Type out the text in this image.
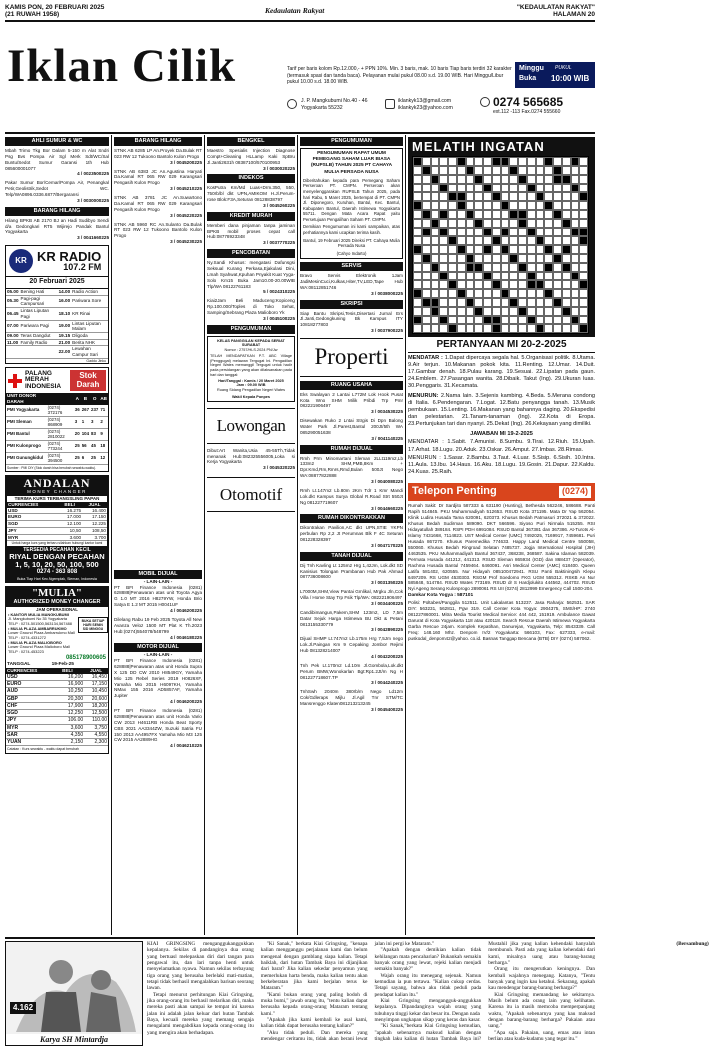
KAMIS PON, 20 FEBRUARI 2025
(21 RUWAH 1958)	Kedaulatan Rakyat	"KEDAULATAN RAKYAT"
HALAMAN 20
Iklan Cilik	Tarif per baris kolom Rp.12.000,- + PPN 10%. Min. 3 baris, mak. 10 baris Tiap baris terdiri 32 karakter (termasuk spasi dan tanda baca). Pelayanan mulai pukul 08.00 s.d. 19.00 WIB. Hari Minggu/Libur pukul 10.00 s.d. 18.00 WIB.
Minggu
Buka
PUKUL
10:00 WIB
J. P. Mangkubumi No.40 - 46
Yogyakarta 55232
iklankyk13@gmail.com
iklankyk23@yahoo.com	0274 565685
ext.112 -113 Fax.0274 555660
AHLI SUMUR & WC
Mbah Trimo Tkg Bor Dalam 5-150 m Alat Sndri Psg Bvs Pompa Air Sgl Merk Sdt/WC/Sal Buntu/Sedot Sumur Garansi 1th Hub 085600001077
4 / 0023500225
Pakar Sumur Bor/Cemar/Pompa Air, Penangkal Petir,Geolistrik,Sedot WC. Telp/WA0896.0336.6877/Bergaransi
3 / 0030000225
BARANG HILANG
Hilang BPKB AB 2170 BJ an Hadi Sudibyo Sendi d/a Gedongkari RT5 Wijirejo Pandak Bantul Yogyakarta
3 / 0041660225
KR KR RADIO
107.2 FM
20 Februari 2025
05.00	Bening Hati	14.00	Radio Action
05.30	Pagi-pagi Campursari	16.00	Pariwara Sore
06.45	Lintas Liputan Pagi	18.10	KR Rinai
07.00	Pariwara Pagi	19.00	Lintas Liputan Malam
09.00	Teras Dangdut	19.15	Dligoda
11.00	Family Radio	21.00	Berita NHK
		22.00	Lewahan Campur Sari
Gaddu Jinku
PALANG
MERAH
INDONESIA
Stok Darah
UNIT DONOR DARAH		A	B	O	AB
PMI Yogyakarta	(0274) 372176	36	267	237	71
PMI Sleman	(0274) 868909	3	1	3	2
PMI Bantul	(0274) 2810022	20	104	83	9
PMI Kulonprogo	(0274) 773244	25	56	45	18
PMI Gunungkidul	(0274) 394500	25	6	25	12
Sumber : PMI DIY (Stok darah bisa berubah sewaktu-waktu).
ANDALAN
MONEY CHANGER
TERIMA KURS TERBANGSLING PAPAN
CURRENCIES	BELI	JUAL
USD	16.275	16.400
EURO	17.000	17.150
SGD	12.100	12.225
JPY	10,50	108,50
MYR	3.600	3.700
Untuk harga kurs yang terbaru silahkan hubungi kantor kami
TERSEDIA PECAHAN KECIL
RIYAL DENGAN PECAHAN
1, 5, 10, 20, 50, 100, 500
0274 - 363 808
Buka Tiap Hari Kec.Ngemplak, Sleman, Indonesia
"MULIA"
AUTHORIZED MONEY CHANGER
JAM OPERASIONAL
• KANTOR MULIA MANGKUBUMI
Jl. Mangkubumi No 35 Yogyakarta
TELP : 0274-501500,563134,567488
• MULIA PLAZA AMBARRUKMO
Lower Ground Plaza Ambarrukmo Mall
TELP : 0274-4331272
• MULIA PLAZA MALIOBORO
Lower Ground Plaza Malioboro Mall
TELP : 0274-453223
BUKA SETIAP HARI SENIN S/D MINGGU
085178900605
TANGGAL	19-Feb-25	
CURRENCIES	BELI	JUAL
USD	16,200	16,450
EURO	16,900	17,150
AUD	10,250	10,450
GBP	20,300	20,600
CHF	17,900	18,200
SGD	12,250	12,500
JPY	106.00	110.00
MYR	3,600	3,750
SAR	4,350	4,550
YUAN	2,150	2,300
Catatan : Kurs sewaktu - waktu dapat berubah
BARANG HILANG
STNK AB 6285 LP An.Proyek Da.Bulak RT 023 RW 12 Tukoono Bantolo Kulon Progo
3 / 0045200225
STNK AB 6383 JC An.Agustina Haryati Da.Kamal RT 065 RW 029 Karangsari Pengasih Kulon Progo
3 / 0045210225
STNK AB 3781 JC An.Suwartono Da.Kamal RT 065 RW 029 Karangsari Pengasih Kulon Progo
3 / 0045220225
STNK AB 5960 RC An.Sulanto Da.Bulak RT 023 RW 12 Tukoono Bantolo Kulon Progo
3 / 0045230225
MOBIL DIJUAL
- LAIN-LAIN -
PT BFI Finance Indonesia (0281) 628888|Penawaran atas unit Toyota Agya G 1.0 MT 2016 H8279YW, Honda Brio Satya E 1.2 MT 2015 H0041UF
4 / 0046200225
Dilelang Rabu 19 Feb 2025 Toyota All New Avanza Veloz 1500 MT Plat K Th.2023 Hub:(0274)554078/548799
4 / 0046180225
MOTOR DIJUAL
- LAIN-LAIN -
PT BFI Finance Indonesia (0281) 628888|Penawaran atas unit Honda Supra X 125 DD CW 2010 H8549GY, Yamaha Mio 125 Rebel Series 2019 H0826XF, Yamaha Mio 2015 H6097KH, Yamaha NMax 155 2016 AD5857AF, Yamaha Jupiter
4 / 0046200225
PT BFI Finance Indonesia (0281) 628888|Penawaran atas unit Honda Vario CW 2013 H4611RB Honda Beat Sporty CBS 2021 AA3344ZW, Suzuki Satria FU 150 2013 AA4957FX Yamaha Mio M3 125 CW 2015 AA2889HG
4 / 0046210225
BENGKEL
Maestro Spesialis Injection Diagnose Compt+Cleaning HLLamp Kaki SpBru Jl.Janti2631h 08387100/570100953
3 / 0030020225
INDEKOS
KosPutra Km/Md Luas+Drm.350, 550, 750rb/bl dkt UPN,AMIKOM H.Jl.Perum-rose Blok:F3A,Seturan 08128838797
3 / 0045260225
KREDIT MURAH
Memberi dana pinjaman tanpa jaminan BPKB mobil proses cepat call Hub:08778923348
3 / 0037770225
PENCOBATAN
Ny.Sandi Khusus: mengatasi Dafunsgsi Seksual Kurang Perkasa,Ejakulasi Dini, Lmah Syahwat,Kpuhan Pnyakit Kuat Yyga-Solo Km15 Buka Jam10.00-20.00WIB Tlp/WA 08122761183
5 / 0024310225
Kiai2Jam Beli Maduceng:Kopiceng Rp.100.000/Toples di Toko Sehat, Samping/Sebrang Plaza Malioboro Yk
3 / 0045100225
PENGUMUMAN
KELAS PANGGILAN KEPADA SERIAT SURABAT
Nomor : 2757/HLS.2024 PN/Jw
TELAH MENDAPATKAN P.T. ABC Village (Penggugat) melawan Tergugat Ini. Pengadilan Negeri Wates memanggil Tergugat untuk hadir pada persidangan yang akan dilaksanakan pada hari dan tanggal:
Hari/Tanggal : Kamis / 20 Maret 2025
Jam : 09.00 WIB
Ruang Sidang Pengadilan Negeri Wates
Wakil Kepala Ponpes
Lowongan
Dibut:Art Wanita,Usia 45-55Th,Tidak menanak Hub:082325556005,Loka si Kerja Yogyakarta
3 / 0045320225
Otomotif
PENGUMUMAN
PENGUMUMAN RAPAT UMUM PEMEGANG SAHAM LUAR BIASA (RUPSLB) TAHUN 2025 PT CAHAYA MULIA PERSADA NUSA
Diberitahukan kepada para Pemegang Saham Perseroan PT. CMPN. Perseroan akan menyelenggarakan RUPSLB Tahun 2025, pada hari Rabu, 5 Maret 2025, bertempat di PT. CMPN Jl. Diponegoro, Kuruhan, Bantul, Kec. Bantul, Kabupaten Bantul, Daerah Istimewa Yogyakarta 55711. Dengan Mata Acara Rapat yaitu Persetujuan Pengalihan Saham PT. CMPN.
Demikian Pengumuman ini kami sampaikan, atas perhatiannya kami ucapkan terima kasih.
Bantul, 19 Februari 2025 Direksi PT. Cahaya Mulia Persada Nusa
(Cahyo Indarto)
SERVIS
Bravo Servis Elektronik 1Jam JadiMesinCuci,Kulkas,Hiter,TV,LED,Tape Hub WA:08112851746
3 / 0038000225
SKRIPSI
Siap Bantu Skripsi,Tesis,Disertasi Jurnal Ers Jl.Janti,Gedongkuning Bk Kampus ITY 10818277803
3 / 0037900225
Properti
RUANG USAHA
Eks Swalayan 2 Lantai L772M Lok Hook Pusat Kota Wno SHM Milik Pribdi Trp Pmr 082221906497
3 / 0034530225
Disewakan Ruko 2 Lntai Strgis Di Dpn Balong Water Park Jl.Parest,Bantul 200Jt/5th WA 085290051638
3 / 0041140225
RUMAH DIJUAL
Rmh Prm Minomartani Sleman 2LLt119m2,Lb 133m2 SHM,PMB,8Km + Dpr.Kmd,Rm,Rmrs,Rmd,Bulan 500Jt Nego WA:08877822888
3 / 0040080225
Rmh Lt.147m2 Lb.80m 2Km Tdr 1 Kmr Mandi Lok.dkt Kampus Surya Global R.Road Strt 550Jt Ng 081227719607
3 / 0044660225
RUMAH DIKONTRAKKAN
Dikontrakan Pavilion,AC dkt UPN,STIE YKPN perbulan Rp 2,2 Jt Perumnas Blk F 4C Seturan 081228328397
3 / 0047170225
TANAH DIJUAL
Dij Tnh Kavling Lt 125m2 Hrg 1,42Jm, Lok.dkt SD Kanisius Tolongan Prambanan Hub Pak Ahmad 087736008600
3 / 0031350225
L7000M,SHM,View Pantai Gmlikal, Mrgku Jln,Cok Villa / Home Stay Trp Fsik Tlp/WA: 082221906497
3 / 0034400225
Candibimangun,Pakem,SHM 123m2, LD 7,5m Datar Sejuk Harga Istimewa BU Dkt & Petani 0813155330779
3 / 0042890225
Dijual SHMP Lt.747m2 Lb.175m Hrg 7,5Jm nego Lok.Jl.Paingan Km 9 Cepaking Jombor Rejimi Hub 081328214007
4 / 0042200225
Tnh Pek Lt.170m2 Ld.10m Jl.Gombola,Lok.dkt Perum BMW,Wonokarlan Bgt:Rp1.2Jt/m Ng H 081227718607.TP
3 / 0044240225
TnhSwh 2040m 380rb/m Nego Ld12m Cok/Gdleraps Mijlu Jl.Agil Tnr STM/TC Mansrenggo Klaten081213213245
3 / 0045400225
MELATIH INGATAN
1	2	3
4
5	6	7	8	9	10
11
12	13	14	15	16
17	18	19	20
21
22	23	24	25	26	27
PERTANYAAN MI 20-2-2025
MENDATAR : 1.Dapat dipercaya segala hal. 5.Organisasi politik. 8.Utama. 9.Air terjun. 10.Makanan pokok kita. 11.Renting. 12.Umar. 14.Duit. 17.Gambar denah. 18.Pulau karang. 19.Sesuai. 22.Lipatan pada gaun. 24.Emblem. 27.Pasangan wanita. 28.Dibaik. Takut (Ing). 29.Ukuran luas. 30.Penggaris. 31.Kecamata.
MENURUN: 2.Nama lain. 3.Sejenis kambing. 4.Beda. 5.Merana condong di Italia. 6.Pendengaran. 7.Logat. 12.Batu penyangga tanah. 13.Musik pembukaan. 15.Lenting. 16.Makanan yang bahannya daging. 20.Ekspedisi dan pelestarian. 21.Tanam-tanaman (Ing). 22.Kota di Eropa. 23.Pertunjukan tari dan nyanyi. 25.Dekat (Ing). 26.Kekayaan yang dimiliki.
JAWABAN MI 19-2-2025
MENDATAR : 1.Sabit. 7.Amunisi. 8.Sumbu. 9.Tirai. 12.Riuh. 15.Upah. 17.Arhat. 18.Lugu. 20.Aduk. 23.Oskar. 26.Amput. 27.Imbas. 28.Rimas.
MENURUN : 1.Sasar. 2.Bambu. 3.Taut. 4.Luar. 5.Sisip. 6.Sisih. 10.Intra. 11.Aula. 13.Ibu. 14.Haus. 16.Aku. 18.Lugu. 19.Gosin. 21.Dapur. 22.Kaldu. 24.Kuas. 25.Raih.
Telepon Penting	(0274)
Rumah Sakit: Dr Sardjito 587333 & 631190 (Hunting), Bethesda 562246, 586688. Panti Rapih 514845. PKU Muhammadiyah 512653. RSUD Kota 371195. Mata Dr Yap 562054. Klinik Ludira Husada Tama 620091, 620373. Khusus Bedah Patmasuri 372021 & 372022. Khusus Bedah Sudirman 589090. DKT 566596. Siyoso Puri Nirmala 515255. RSI Hidayatullah 389184. RSPI PDH 6991084. RSUD Bantul 367381 dan 367386. At-Turots Al-Islamy 7431668, 7114823. UST Medical Center (UMC) 7492025, 7169917, 7459681. Puri Husada 867270. Khusus Paremedika 774633. Happy Land Medical Centre 550058, 550060. Khusus Bedah Ringroad Selatan 7485737. Jogja International Hospital (JIH) 4463535. PKU Muhammadiyah Bantul 367437, 368238, 368587. Sakina Idaman 582039. Permata Husada 441212, 441313. RSUD Sleman 865934 (IGD) dan 868437 (Operator), Rachma Husada Bantul 7459464. 6460091. Asri Medical Center (AMC) 618400. Queen Latifa 581402, 620555. Nur Hidayah 085100472941. RSU Panti Baktiningsih Klepu 6497209. RS UGM 4530303. RSGM Prof Soedomo FKG UGM 555312. RSKB An Nur 585848, 514784. RSUD Wates 773169. RSUD dr S Hardjolukito 444562, 444702. RSUD Nyi Ageng Serang Kulonprogo 2890061 RS UII (0274) 2812999 Emergency Call 1500-204.
Damkar Kota Yogya : 587101
Polisi: Poltabes/Panggila 512511. Unit Lakalantas 513237. Jasa Raharja: 562531. SAR DIY: 563231, 562811, Pgw 319. Call Center Kota Yogya: 2904375, SMS/HP: 2740 081227860001. Mitra Media Tourist Medical Service: 444 442, 151919. Ambulance Gawat Darurat di Kota Yogyakarta 118 atau 420118. Search Rescue Daerah Istimewa Yogyakarta Garba Rescue 24jam. Komplek Kepatihan, Danurejan, Yogyakarta, Telp: 8543339. Call Freq: 148.160 Mhz. Denpom IV/2 Yogyakarta: 566103, Fax: 627333, e-mail: puskodal_denpom42@yahoo. co.id. Basnas Tanggap Bencana (BTB) DIY (0274) 587062.
4.162
Karya SH Mintardja

KIAI GRINGSING menganggukanggukkan kepalanya. Sekilas di pandanginya dua orang yang bertuasl melepaskan diri dari tangan para pengawal itu, dan lari tanpa henti untuk menyelamatkan nyawa. Namun sekilas terbayang tiga orang yang berusaha berlelaki mati-matian, tetapi tidak berhasil mengalahkan barisan seorang lawan.

Tetapi menurut perhitungan Kiai Gringsing, jika orang-orang itu berhasil melarikan diri, maka mereka pasti akan sampai ke tempat ini karena jalan ini adalah jalan keluar dari hutan Tambak Baya, kecuali mereka yang memang sengaja mengalami mengabdikan kepada orang-orang itu yang mengira akan berhadapan.

"Ki Sanak," berkata Kiai Gringsing, "kenapa kalian mengganggu perjalanan kami dan belum mengenal dengan gamblang siapa kalian. Tetapi baiklah, dari hutan Tambak Baya ini dijanjikan dari barat? Jika kalian sekedar penyamun yang memerlukan harta benda, maka kalian tentu akan berkeberatan jika kami berjalan terus ke Mataram."

"Kami bukan orang yang paling bodoh di muka bumi," jawab orang itu, "tentu kalian dapat berusaha kepada orang-orang Mataram tentang kami."

"Apakah jika kami kembali ke asal kami, kalian tidak dapat berusaha tentang kalian?"

"Aku tidak peduli. Dan mereka yang mendengar ceritamu itu, tidak akan berani lewat jalan ini pergi ke Mataram."

"Apakah dengan demikian kalian tidak kehilangan mata pencaharian? Bukankah semakin banyak orang yang lewat, rejeki kalian menjadi semakin banyak?"

Wajah orang itu menegang sejenak. Namun kemudian ia pun tertawa. "Kalian cukup cerdas. Tetapi sayang, bahwa aku tidak peduli pada pendapat kalian itu."

Kiai Gringsing mengangguk-anggukkan kepalanya. Dipandanginya wajah orang yang tubuhnya tinggi kekar dan besar itu. Dengan nada

menyimpan ungkapan sikap yang keras dan kasar.

"Ki Sanak,"berkata Kiai Gringsing kemudian, "apakah sebenarnya maksud kalian dengan tingkah laku kalian di hutan Tambak Baya ini? Mustahil jika yang kalian kehendaki hanyalah membunuh. Pasti ada yang kalian kehendaki dari kami, misalnya uang atau barang-barang berharga."

Orang itu mengerutkan keningnya. Dan kembali wajahnya menegang. Katanya, "Tentu banyak yang ingin kau ketahui. Sekarang, apakah kau mendengar barang-barang berharga?"

Kiai Gringsing memandang ke sekitarnya. Masih belum ada orang lain yang kelihatan. Karena itu ia masih memcoba memperpanjang waktu, "Apakah sebenarnya yang kau maksud dengan barang-barang berharga? Pakaian atau uang."

"Apa saja. Pakaian, uang, emas atau intan berlian atau kuda-kudamu yang tegar itu."

(Bersambung)
